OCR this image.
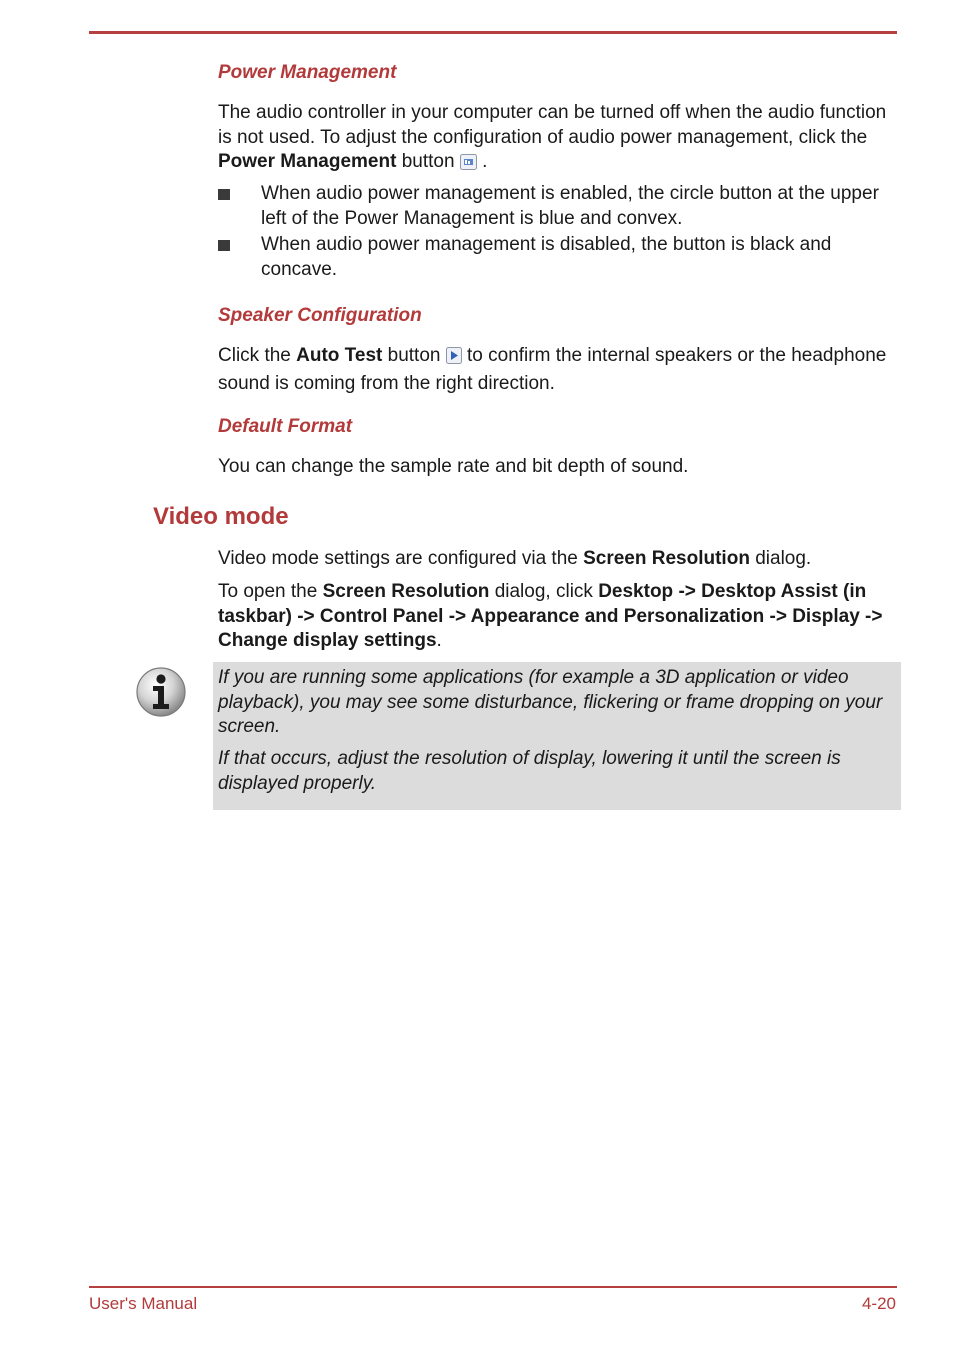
Power Management

The audio controller in your computer can be turned off when the audio function is not used. To adjust the configuration of audio power management, click the Power Management button  .

When audio power management is enabled, the circle button at the upper left of the Power Management is blue and convex.
When audio power management is disabled, the button is black and concave.
Speaker Configuration

Click the Auto Test button  to confirm the internal speakers or the headphone sound is coming from the right direction.

Default Format

You can change the sample rate and bit depth of sound.

Video mode

Video mode settings are configured via the Screen Resolution dialog.

To open the Screen Resolution dialog, click Desktop -> Desktop Assist (in taskbar) -> Control Panel -> Appearance and Personalization -> Display -> Change display settings.

If you are running some applications (for example a 3D application or video playback), you may see some disturbance, flickering or frame dropping on your screen.

If that occurs, adjust the resolution of display, lowering it until the screen is displayed properly.

User's Manual	4-20
